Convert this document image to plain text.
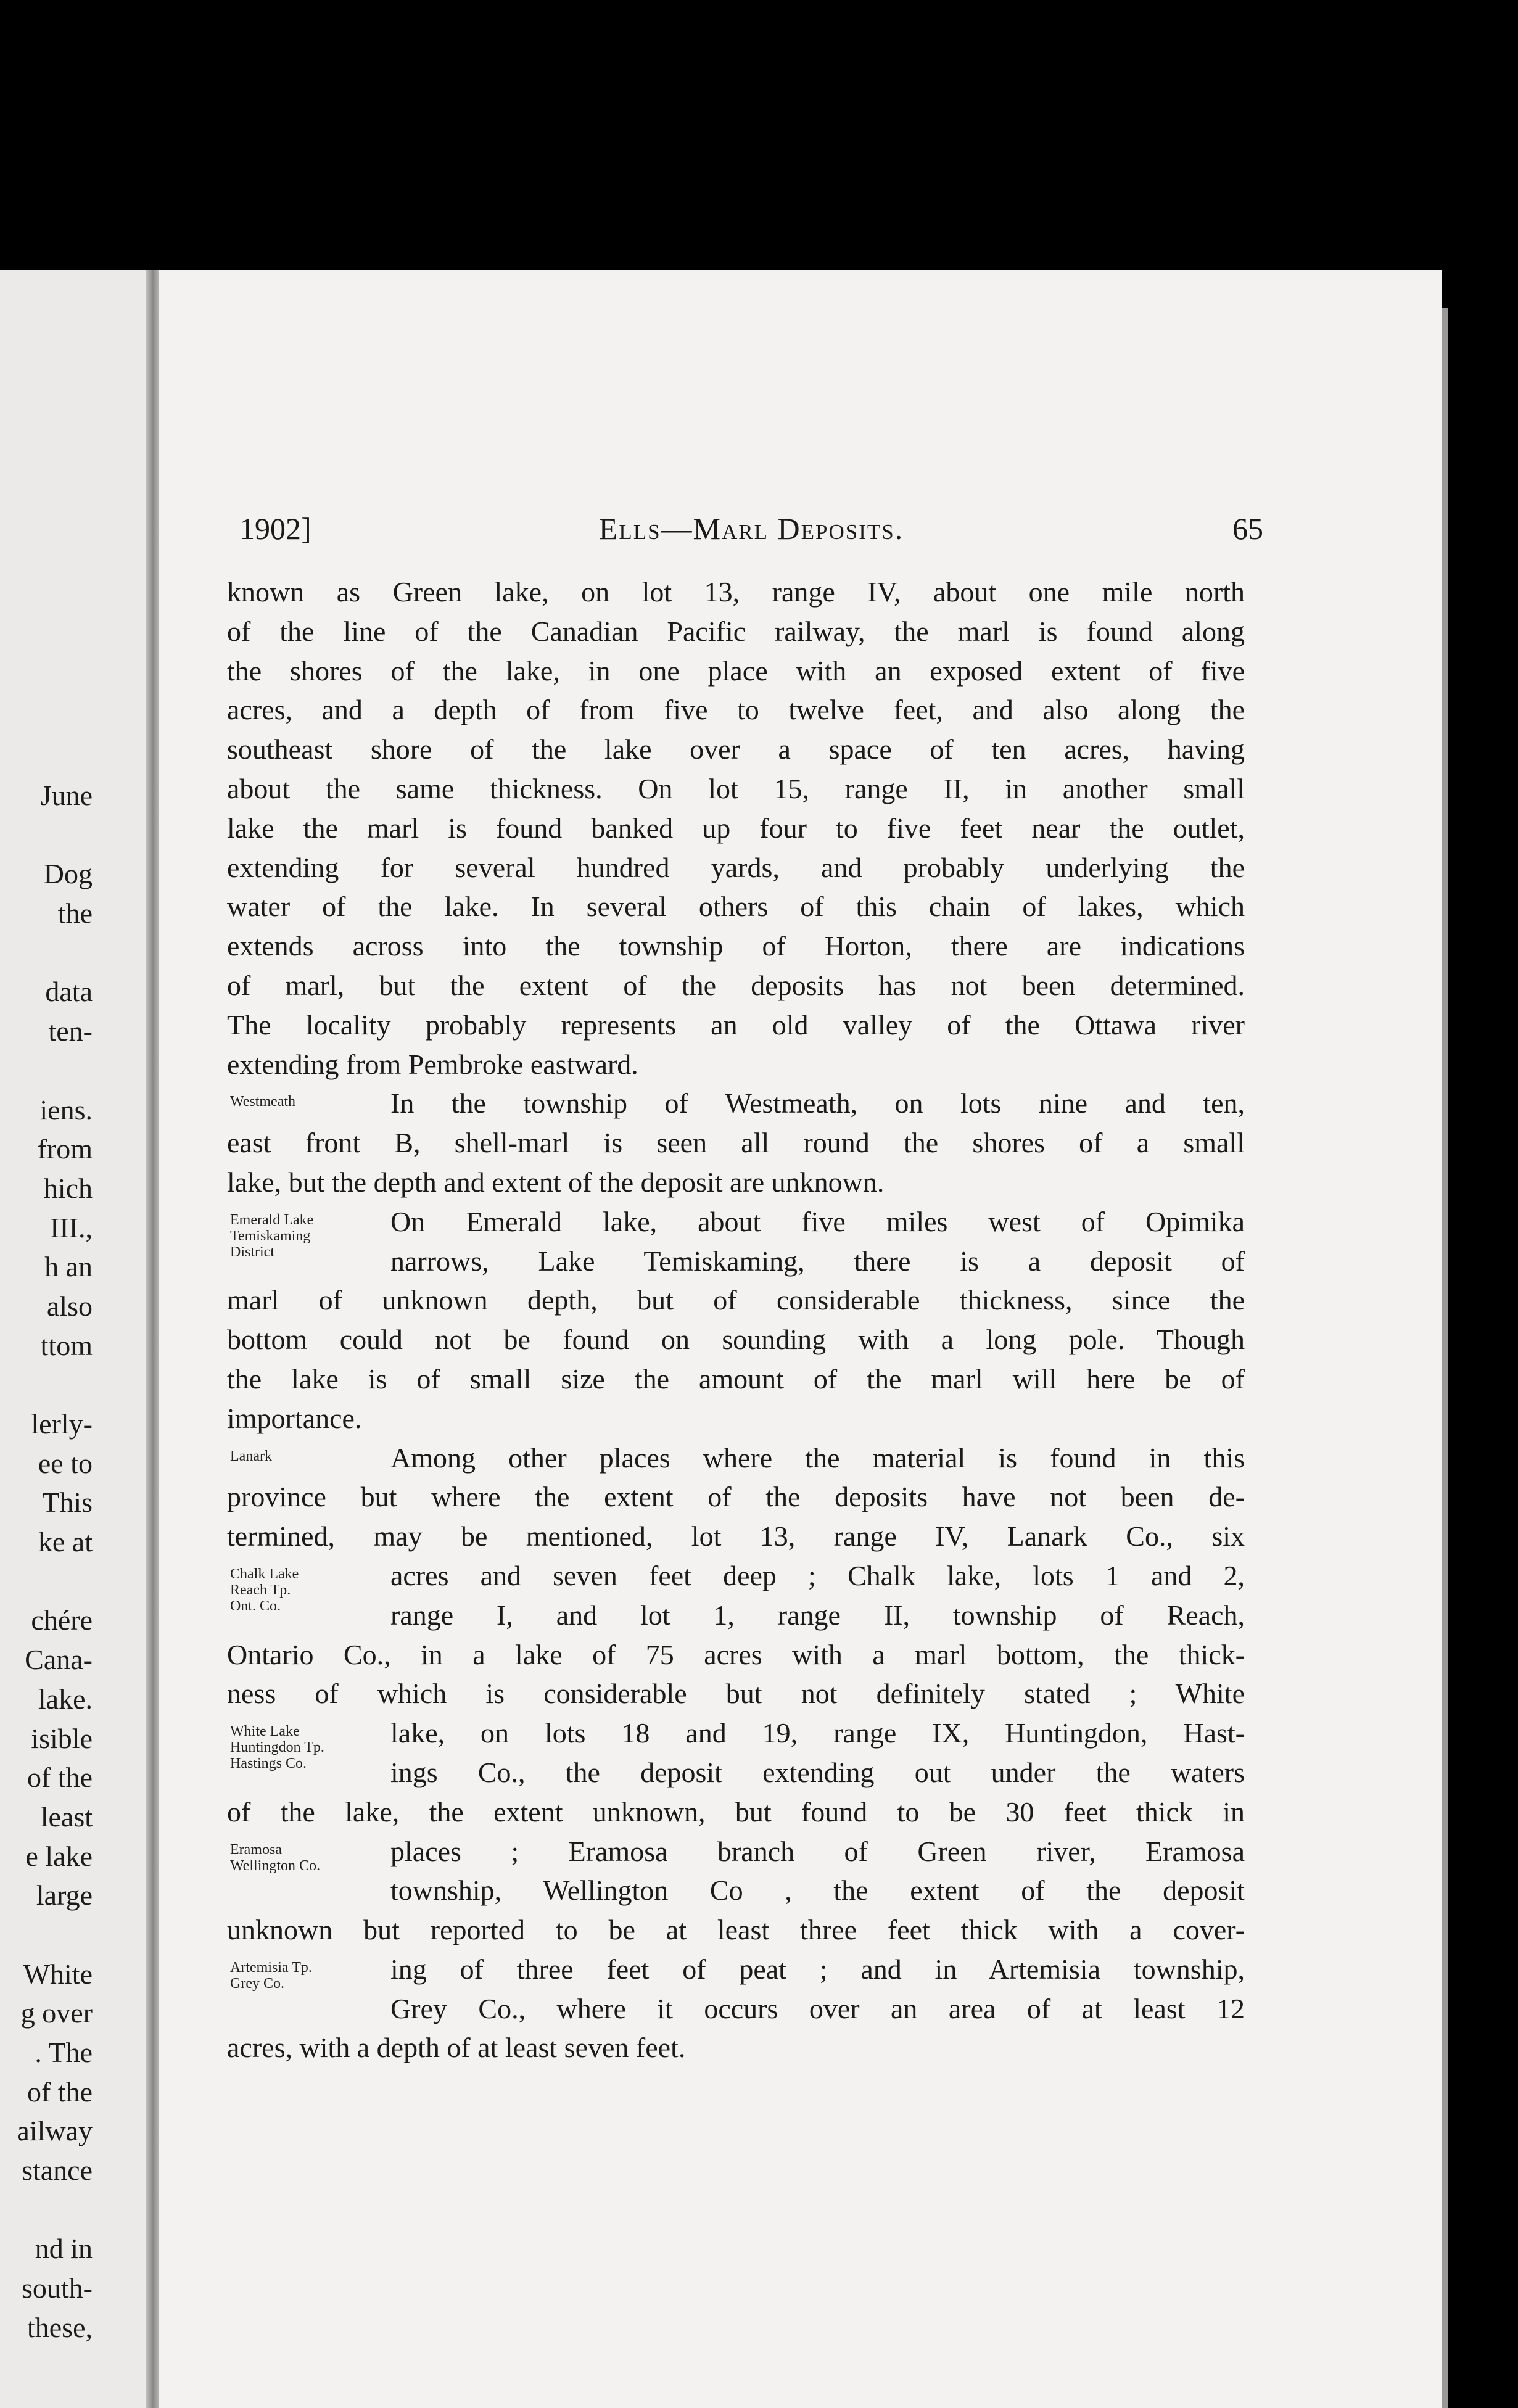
June
Dog
the
data
ten-
iens.
from
hich
III.,
h an
also
ttom
lerly-
ee to
This
ke at
chére
Cana-
lake.
isible
of the
least
e lake
large
White
g over
. The
of the
ailway
stance
nd in
south-
these,
1902]	Ells—Marl Deposits.	65
known as Green lake, on lot 13, range IV, about one mile north
of the line of the Canadian Pacific railway, the marl is found along
the shores of the lake, in one place with an exposed extent of five
acres, and a depth of from five to twelve feet, and also along the
southeast shore of the lake over a space of ten acres, having
about the same thickness. On lot 15, range II, in another small
lake the marl is found banked up four to five feet near the outlet,
extending for several hundred yards, and probably underlying the
water of the lake. In several others of this chain of lakes, which
extends across into the township of Horton, there are indications
of marl, but the extent of the deposits has not been determined.
The locality probably represents an old valley of the Ottawa river
extending from Pembroke eastward.
In the township of Westmeath, on lots nine and ten,
east front B, shell-marl is seen all round the shores of a small
lake, but the depth and extent of the deposit are unknown.
On Emerald lake, about five miles west of Opimika
narrows, Lake Temiskaming, there is a deposit of
marl of unknown depth, but of considerable thickness, since the
bottom could not be found on sounding with a long pole. Though
the lake is of small size the amount of the marl will here be of
importance.
Among other places where the material is found in this
province but where the extent of the deposits have not been de-
termined, may be mentioned, lot 13, range IV, Lanark Co., six
acres and seven feet deep ; Chalk lake, lots 1 and 2,
range I, and lot 1, range II, township of Reach,
Ontario Co., in a lake of 75 acres with a marl bottom, the thick-
ness of which is considerable but not definitely stated ; White
lake, on lots 18 and 19, range IX, Huntingdon, Hast-
ings Co., the deposit extending out under the waters
of the lake, the extent unknown, but found to be 30 feet thick in
places ; Eramosa branch of Green river, Eramosa
township, Wellington Co , the extent of the deposit
unknown but reported to be at least three feet thick with a cover-
ing of three feet of peat ; and in Artemisia township,
Grey Co., where it occurs over an area of at least 12
acres, with a depth of at least seven feet.
Westmeath
Emerald Lake
Temiskaming
District
Lanark
Chalk Lake
Reach Tp.
Ont. Co.
White Lake
Huntingdon Tp.
Hastings Co.
Eramosa
Wellington Co.
Artemisia Tp.
Grey Co.
